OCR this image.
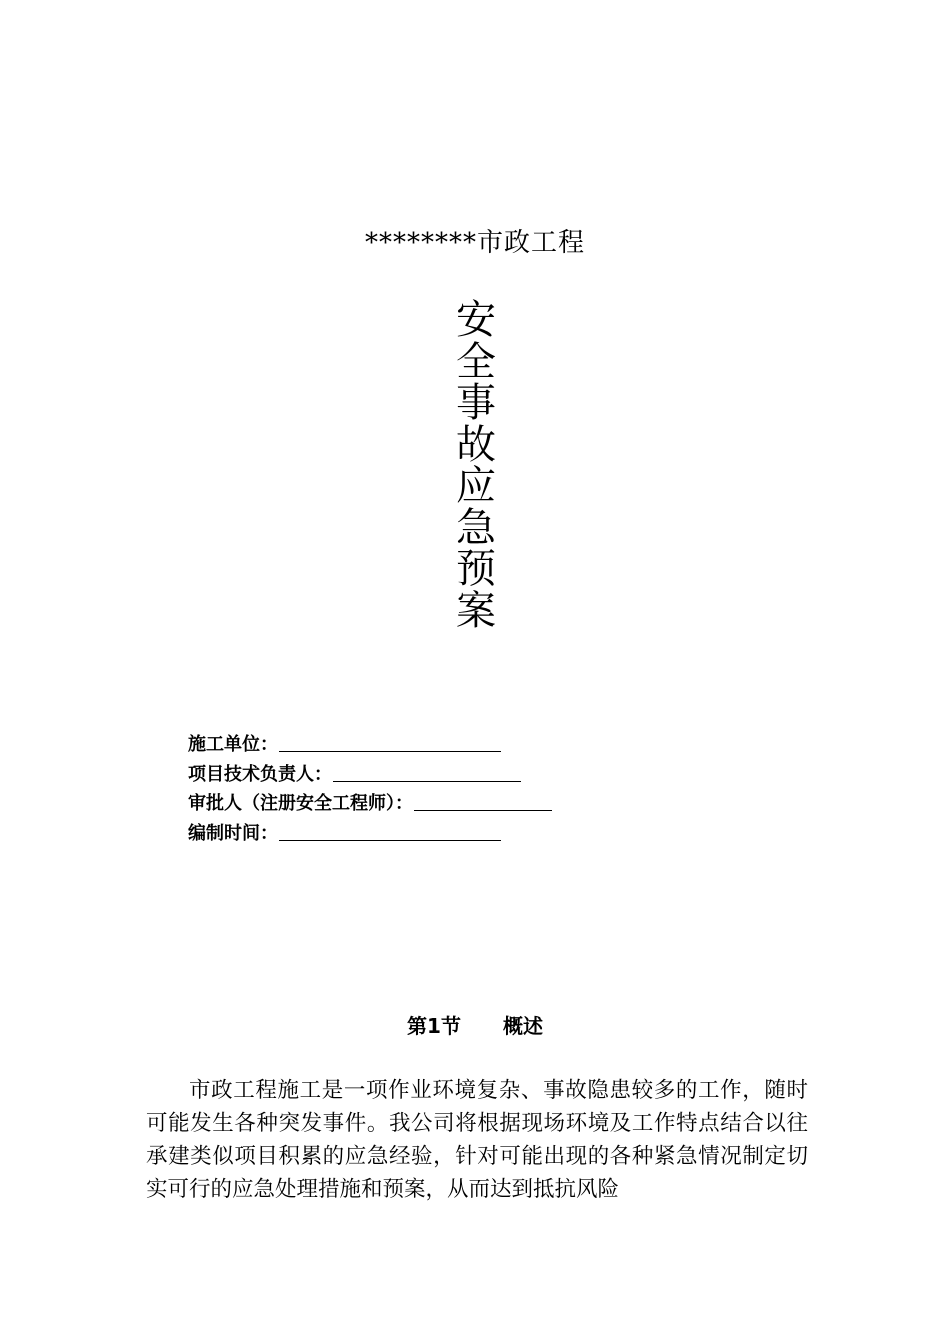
********市政工程
安
全
事
故
应
急
预
案
施工单位：
项目技术负责人：
审批人（注册安全工程师）：
编制时间：
第1节 概述
市政工程施工是一项作业环境复杂、事故隐患较多的工作，随时可能发生各种突发事件。我公司将根据现场环境及工作特点结合以往承建类似项目积累的应急经验，针对可能出现的各种紧急情况制定切实可行的应急处理措施和预案，从而达到抵抗风险
